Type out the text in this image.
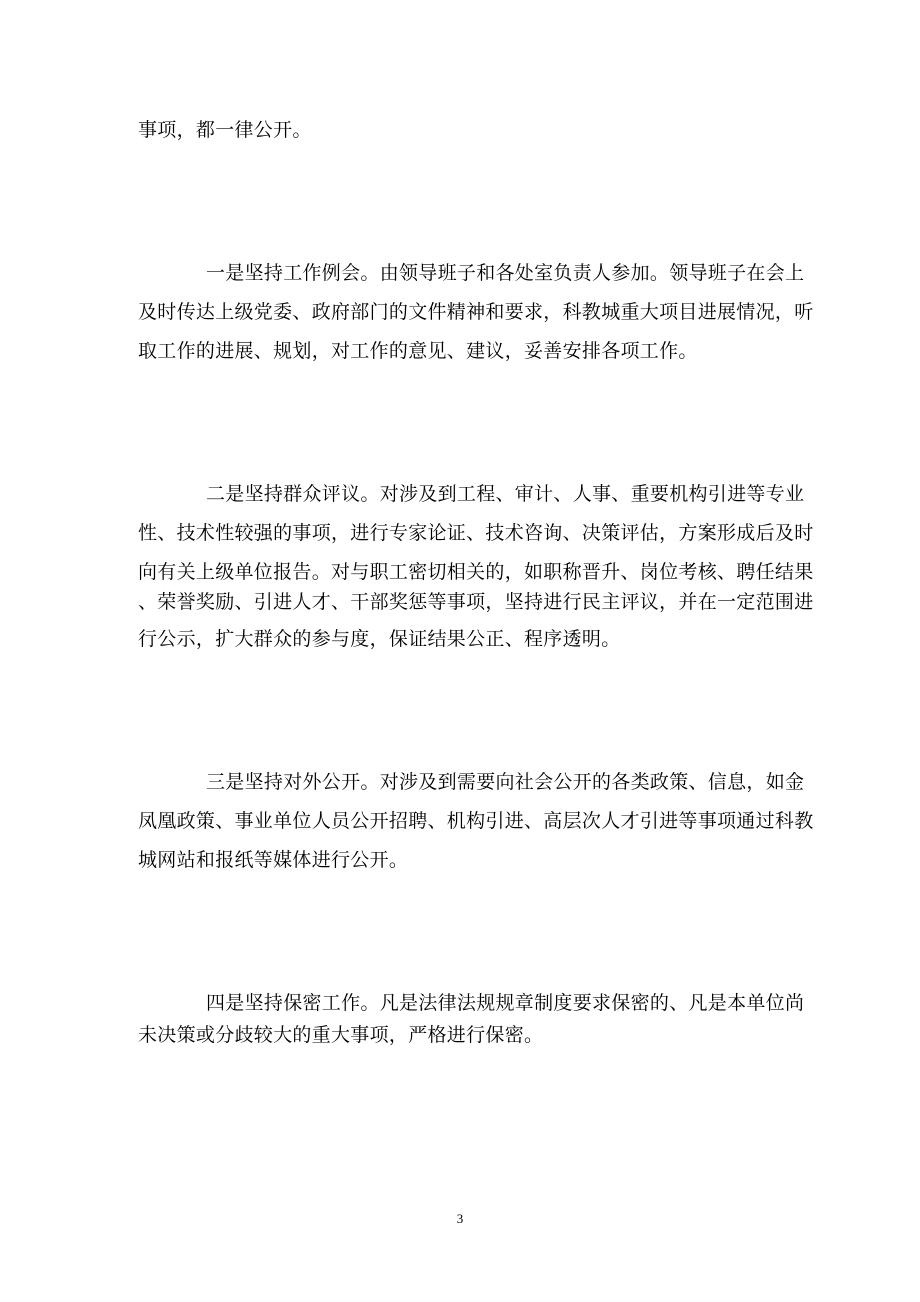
事项，都一律公开。
一是坚持工作例会。由领导班子和各处室负责人参加。领导班子在会上
及时传达上级党委、政府部门的文件精神和要求，科教城重大项目进展情况，听
取工作的进展、规划，对工作的意见、建议，妥善安排各项工作。
二是坚持群众评议。对涉及到工程、审计、人事、重要机构引进等专业
性、技术性较强的事项，进行专家论证、技术咨询、决策评估，方案形成后及时
向有关上级单位报告。对与职工密切相关的，如职称晋升、岗位考核、聘任结果
、荣誉奖励、引进人才、干部奖惩等事项，坚持进行民主评议，并在一定范围进
行公示，扩大群众的参与度，保证结果公正、程序透明。
三是坚持对外公开。对涉及到需要向社会公开的各类政策、信息，如金
凤凰政策、事业单位人员公开招聘、机构引进、高层次人才引进等事项通过科教
城网站和报纸等媒体进行公开。
四是坚持保密工作。凡是法律法规规章制度要求保密的、凡是本单位尚
未决策或分歧较大的重大事项，严格进行保密。
3
